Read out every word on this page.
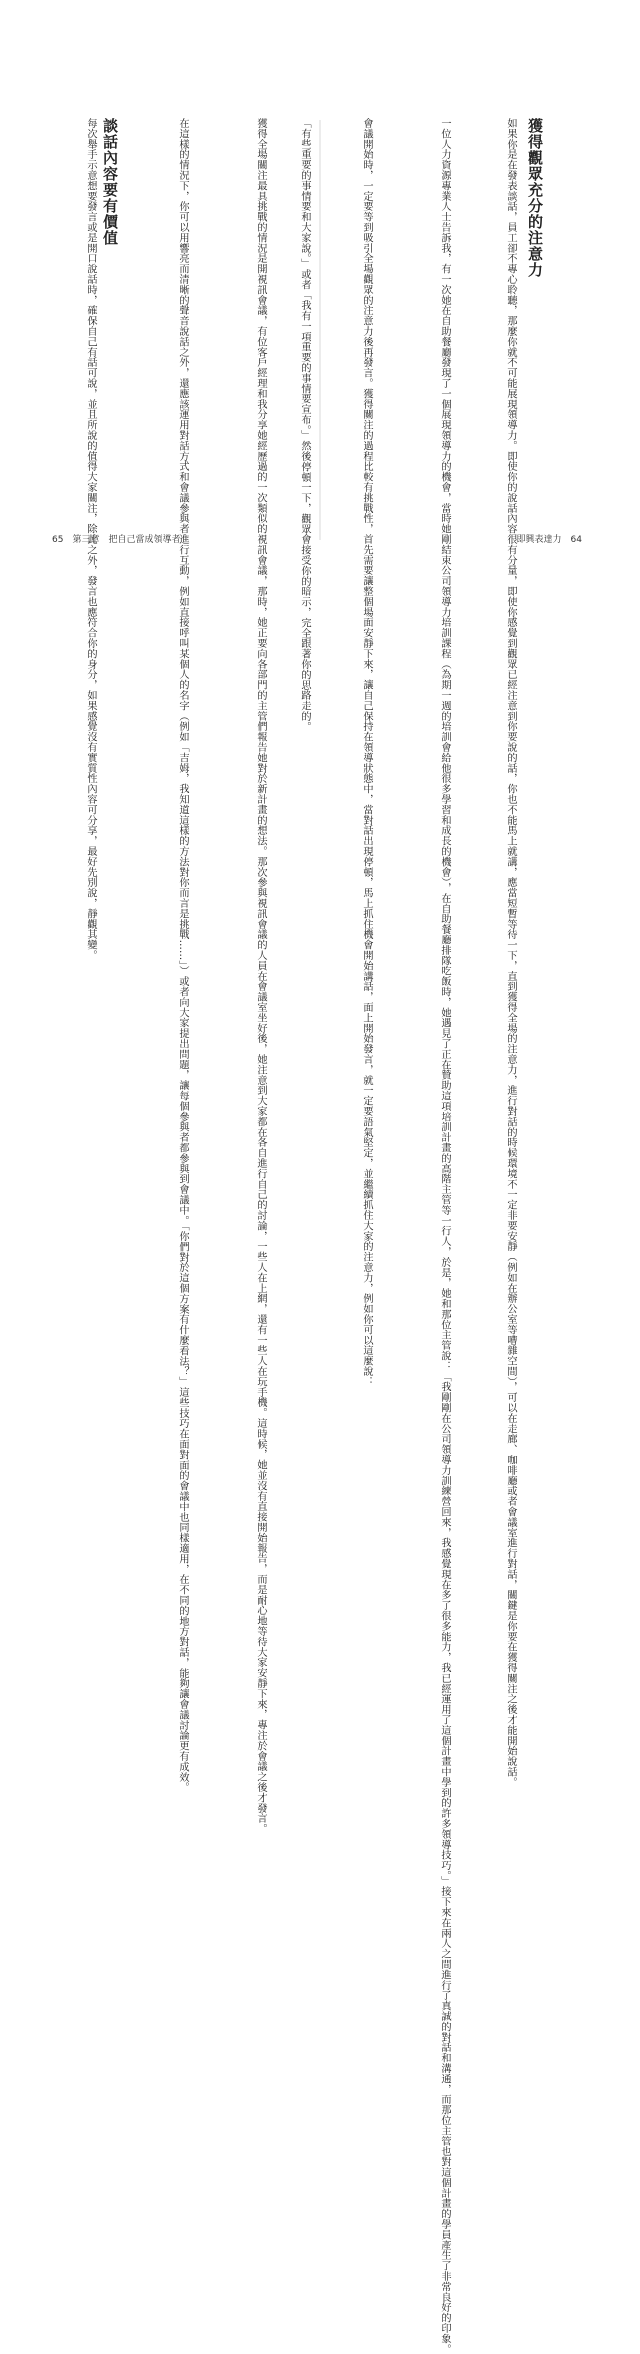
獲得觀眾充分的注意力
如果你是在發表談話，員工卻不專心聆聽，那麼你就不可能展現領導力。即使你的說話內容很有分量，即使你感覺到觀眾已經注意到你要說的話，你也不能馬上就講，應當短暫等待一下，直到獲得全場的注意力，進行對話的時候環境不一定非要安靜（例如在辦公室等嘈雜空間），可以在走廊、咖啡廳或者會議室進行對話，關鍵是你要在獲得關注之後才能開始說話。
一位人力資源專業人士告訴我，有一次她在自助餐廳發現了一個展現領導力的機會，當時她剛結束公司領導力培訓課程（為期一週的培訓會給他很多學習和成長的機會），在自助餐廳排隊吃飯時，她遇見了正在贊助這項培訓計畫的高階主管等一行人，於是，她和那位主管說：「我剛剛在公司領導力訓練營回來，我感覺現在多了很多能力，我已經運用了這個計畫中學到的許多領導技巧。」接下來在兩人之間進行了真誠的對話和溝通，而那位主管也對這個計畫的學員產生了非常良好的印象。
會議開始時，一定要等到吸引全場觀眾的注意力後再發言。獲得關注的過程比較有挑戰性，首先需要讓整個場面安靜下來，讓自己保持在領導狀態中，當對話出現停頓，馬上抓住機會開始講話，面上開始發言，就一定要語氣堅定，並繼續抓住大家的注意力，例如你可以這麼說：	即興表達力　64
「有些重要的事情要和大家說。」或者「我有一項重要的事情要宣布。」然後停頓一下，觀眾會接受你的暗示，完全跟著你的思路走的。
獲得全場關注最具挑戰的情況是開視訊會議，有位客戶經理和我分享她經歷過的一次類似的視訊會議，那時，她正要向各部門的主管們報告她對於新計畫的想法。那次參與視訊會議的人員在會議室坐好後，她注意到大家都在各自進行自己的討論，一些人在上網，還有一些人在玩手機。這時候，她並沒有直接開始報告，而是耐心地等待大家安靜下來，專注於會議之後才發言。
在這樣的情況下，你可以用響亮而清晰的聲音說話之外，還應該運用對話方式和會議參與者進行互動，例如直接呼叫某個人的名字（例如「吉姆，我知道這樣的方法對你而言是挑戰……」）或者向大家提出問題，讓每個參與者都參與到會議中。「你們對於這個方案有什麼看法？」這些技巧在面對面的會議中也同樣適用，在不同的地方對話，能夠讓會議討論更有成效。
談話內容要有價值
每次舉手示意想要發言或是開口說話時，確保自己有話可說，並且所說的值得大家關注，除此之外，發言也應符合你的身分，如果感覺沒有實質性內容可分享，最好先別說，靜觀其變。
65　第三章　把自己當成領導者
